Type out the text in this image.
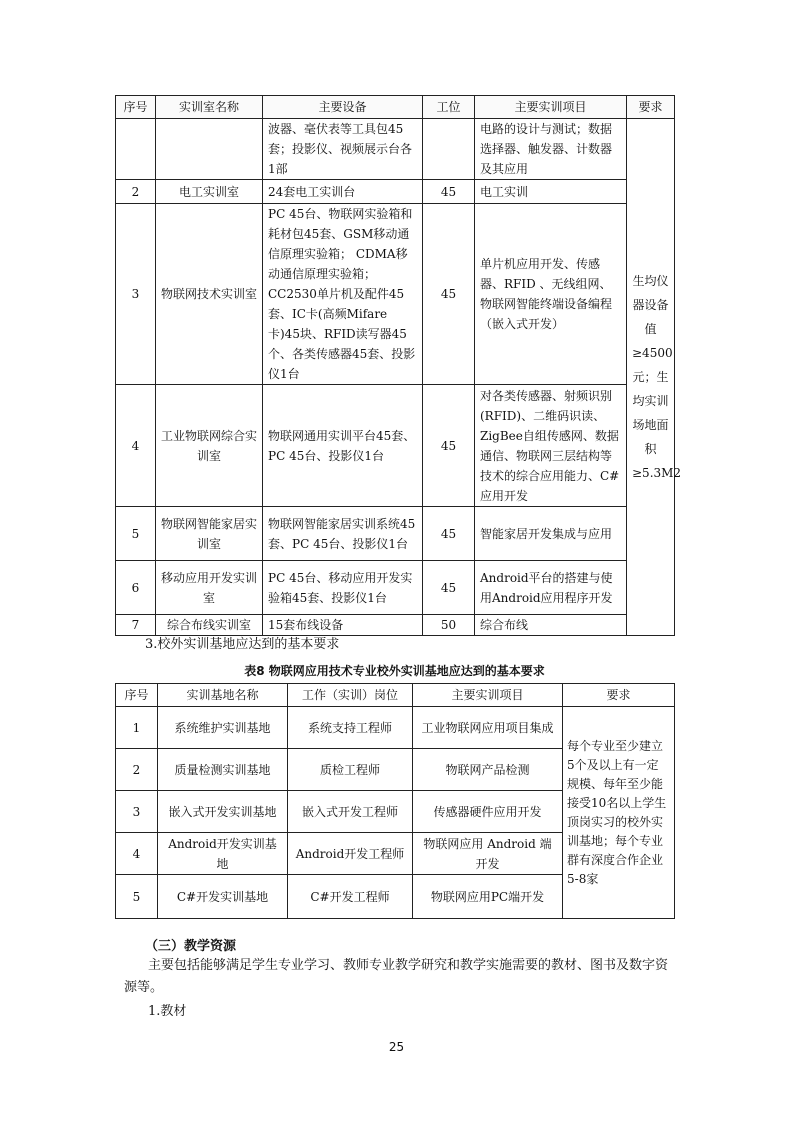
序号	实训室名称	主要设备	工位	主要实训项目	要求
		波器、毫伏表等工具包45套；投影仪、视频展示台各1部		电路的设计与测试；数据选择器、触发器、计数器及其应用	生均仪器设备值≥4500元；生均实训场地面积≥5.3M2
2	电工实训室	24套电工实训台	45	电工实训	
3	物联网技术实训室	PC 45台、物联网实验箱和耗材包45套、GSM移动通信原理实验箱； CDMA移动通信原理实验箱；CC2530单片机及配件45套、IC卡(高频Mifare卡)45块、RFID读写器45个、各类传感器45套、投影仪1台	45	单片机应用开发、传感器、RFID 、无线组网、物联网智能终端设备编程（嵌入式开发）	
4	工业物联网综合实训室	物联网通用实训平台45套、PC 45台、投影仪1台	45	对各类传感器、射频识别(RFID)、二维码识读、ZigBee自组传感网、数据通信、物联网三层结构等技术的综合应用能力、C#应用开发	
5	物联网智能家居实训室	物联网智能家居实训系统45套、PC 45台、投影仪1台	45	智能家居开发集成与应用	
6	移动应用开发实训室	PC 45台、移动应用开发实验箱45套、投影仪1台	45	Android平台的搭建与使用Android应用程序开发	
7	综合布线实训室	15套布线设备	50	综合布线	
3.校外实训基地应达到的基本要求
表8 物联网应用技术专业校外实训基地应达到的基本要求
序号	实训基地名称	工作（实训）岗位	主要实训项目	要求
1	系统维护实训基地	系统支持工程师	工业物联网应用项目集成	每个专业至少建立5个及以上有一定规模、每年至少能接受10名以上学生顶岗实习的校外实训基地；每个专业群有深度合作企业5-8家
2	质量检测实训基地	质检工程师	物联网产品检测	
3	嵌入式开发实训基地	嵌入式开发工程师	传感器硬件应用开发	
4	Android开发实训基地	Android开发工程师	物联网应用 Android 端开发	
5	C#开发实训基地	C#开发工程师	物联网应用PC端开发	
（三）教学资源
主要包括能够满足学生专业学习、教师专业教学研究和教学实施需要的教材、图书及数字资源等。
1.教材
25
